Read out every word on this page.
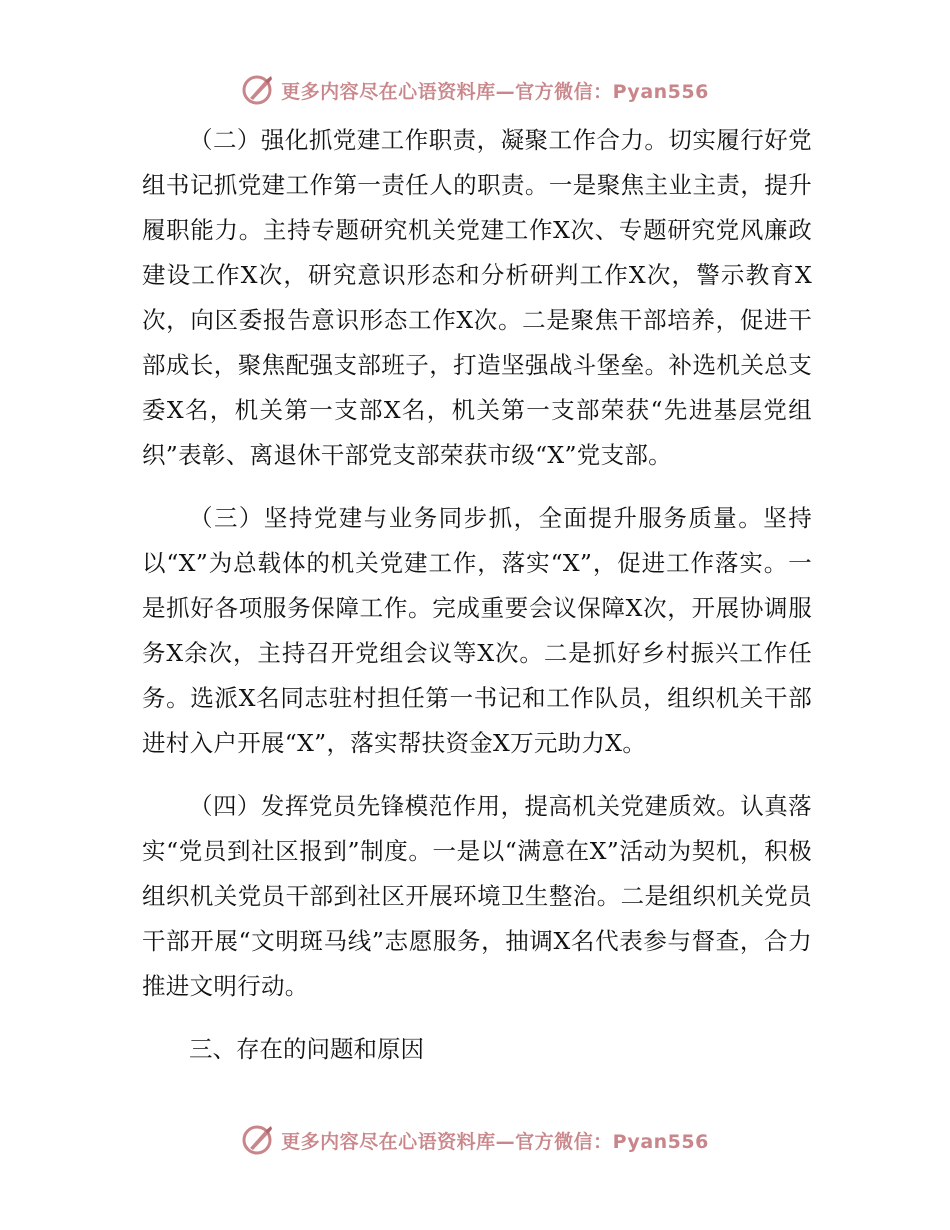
更多内容尽在心语资料库—官方微信：Pyan556

（二）强化抓党建工作职责，凝聚工作合力。切实履行好党组书记抓党建工作第一责任人的职责。一是聚焦主业主责，提升履职能力。主持专题研究机关党建工作X次、专题研究党风廉政建设工作X次，研究意识形态和分析研判工作X次，警示教育X次，向区委报告意识形态工作X次。二是聚焦干部培养，促进干部成长，聚焦配强支部班子，打造坚强战斗堡垒。补选机关总支委X名，机关第一支部X名，机关第一支部荣获“先进基层党组织”表彰、离退休干部党支部荣获市级“X”党支部。

（三）坚持党建与业务同步抓，全面提升服务质量。坚持以“X”为总载体的机关党建工作，落实“X”，促进工作落实。一是抓好各项服务保障工作。完成重要会议保障X次，开展协调服务X余次，主持召开党组会议等X次。二是抓好乡村振兴工作任务。选派X名同志驻村担任第一书记和工作队员，组织机关干部进村入户开展“X”，落实帮扶资金X万元助力X。

（四）发挥党员先锋模范作用，提高机关党建质效。认真落实“党员到社区报到”制度。一是以“满意在X”活动为契机，积极组织机关党员干部到社区开展环境卫生整治。二是组织机关党员干部开展“文明斑马线”志愿服务，抽调X名代表参与督查，合力推进文明行动。

三、存在的问题和原因

更多内容尽在心语资料库—官方微信：Pyan556
